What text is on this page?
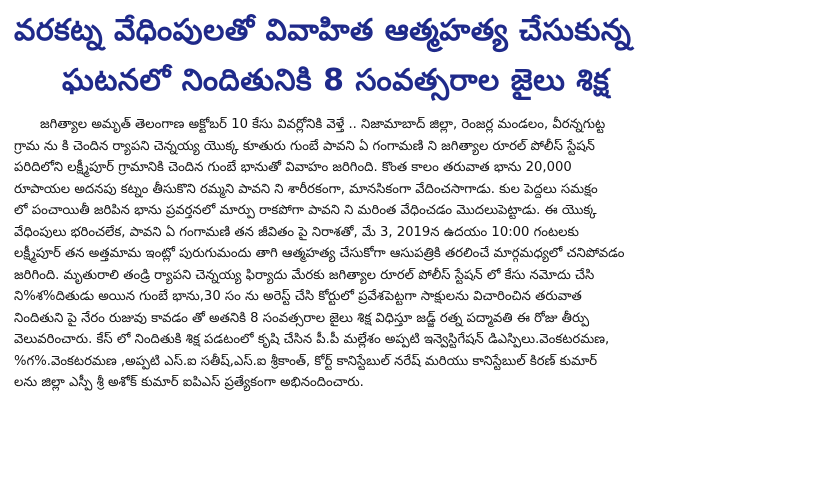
వరకట్న వేధింపులతో వివాహిత ఆత్మహత్య చేసుకున్న
ఘటనలో నిందితునికి 8 సంవత్సరాల జైలు శిక్ష
జగిత్యాల అమృత్ తెలంగాణ అక్టోబర్ 10 కేసు వివర్లోనికి వెళ్తే .. నిజామాబాద్ జిల్లా, రెంజర్ల మండలం, వీరన్నగుట్ట
గ్రామ ను కి చెందిన ర్యాపని చెన్నయ్య యొక్క కూతురు గుంబే పావని ఏ గంగామణి ని జగిత్యాల రూరల్ పోలీస్ స్టేషన్
పరిదిలోని లక్ష్మీపూర్ గ్రామానికి చెందిన గుంబే భానుతో వివాహం జరిగింది. కొంత కాలం తరువాత భాను 20,000
రూపాయల అదనపు కట్నం తీసుకొని రమ్మని పావని ని శారీరకంగా, మానసికంగా వేదించసాగాడు. కుల పెద్దలు సమక్షం
లో పంచాయితీ జరిపిన భాను ప్రవర్తనలో మార్పు రాకపోగా పావని ని మరింత వేధించడం మొదలుపెట్టాడు. ఈ యొక్క
వేధింపులు భరించలేక, పావని ఏ గంగామణి తన జీవితం పై నిరాశతో, మే 3, 2019న ఉదయం 10:00 గంటలకు
లక్ష్మీపూర్ తన అత్తమామ ఇంట్లో పురుగుమందు తాగి ఆత్మహత్య చేసుకోగా ఆసుపత్రికి తరలించే మార్గమధ్యలో చనిపోవడం
జరిగింది. మృతురాలి తండ్రి ర్యాపని చెన్నయ్య ఫిర్యాదు మేరకు జగిత్యాల రూరల్ పోలీస్ స్టేషన్ లో కేసు నమోదు చేసి
ని%శ%దితుడు అయిన గుంబే భాను,30 సం ను అరెస్ట్ చేసి కోర్టులో ప్రవేశపెట్టగా సాక్షులను విచారించిన తరువాత
నిందితుని పై నేరం రుజువు కావడం తో అతనికి 8 సంవత్సరాల జైలు శిక్ష విధిస్తూ జడ్జ్ రత్న పద్మావతి ఈ రోజు తీర్పు
వెలువరించారు. కేస్ లో నిందితుకి శిక్ష పడటంలో కృషి చేసిన పీ.పీ మల్లేశం అప్పటి ఇన్వెస్టిగేషన్ డిఎస్పిలు.వెంకటరమణ,
%గ%.వెంకటరమణ ,అప్పటి ఎస్.ఐ సతీష్,ఎస్.ఐ శ్రీకాంత్, కోర్ట్ కానిస్టేబుల్ నరేష్ మరియు కానిస్టేబుల్ కిరణ్ కుమార్
లను జిల్లా ఎస్పీ శ్రీ అశోక్ కుమార్ ఐపిఎస్ ప్రత్యేకంగా అభినందించారు.
